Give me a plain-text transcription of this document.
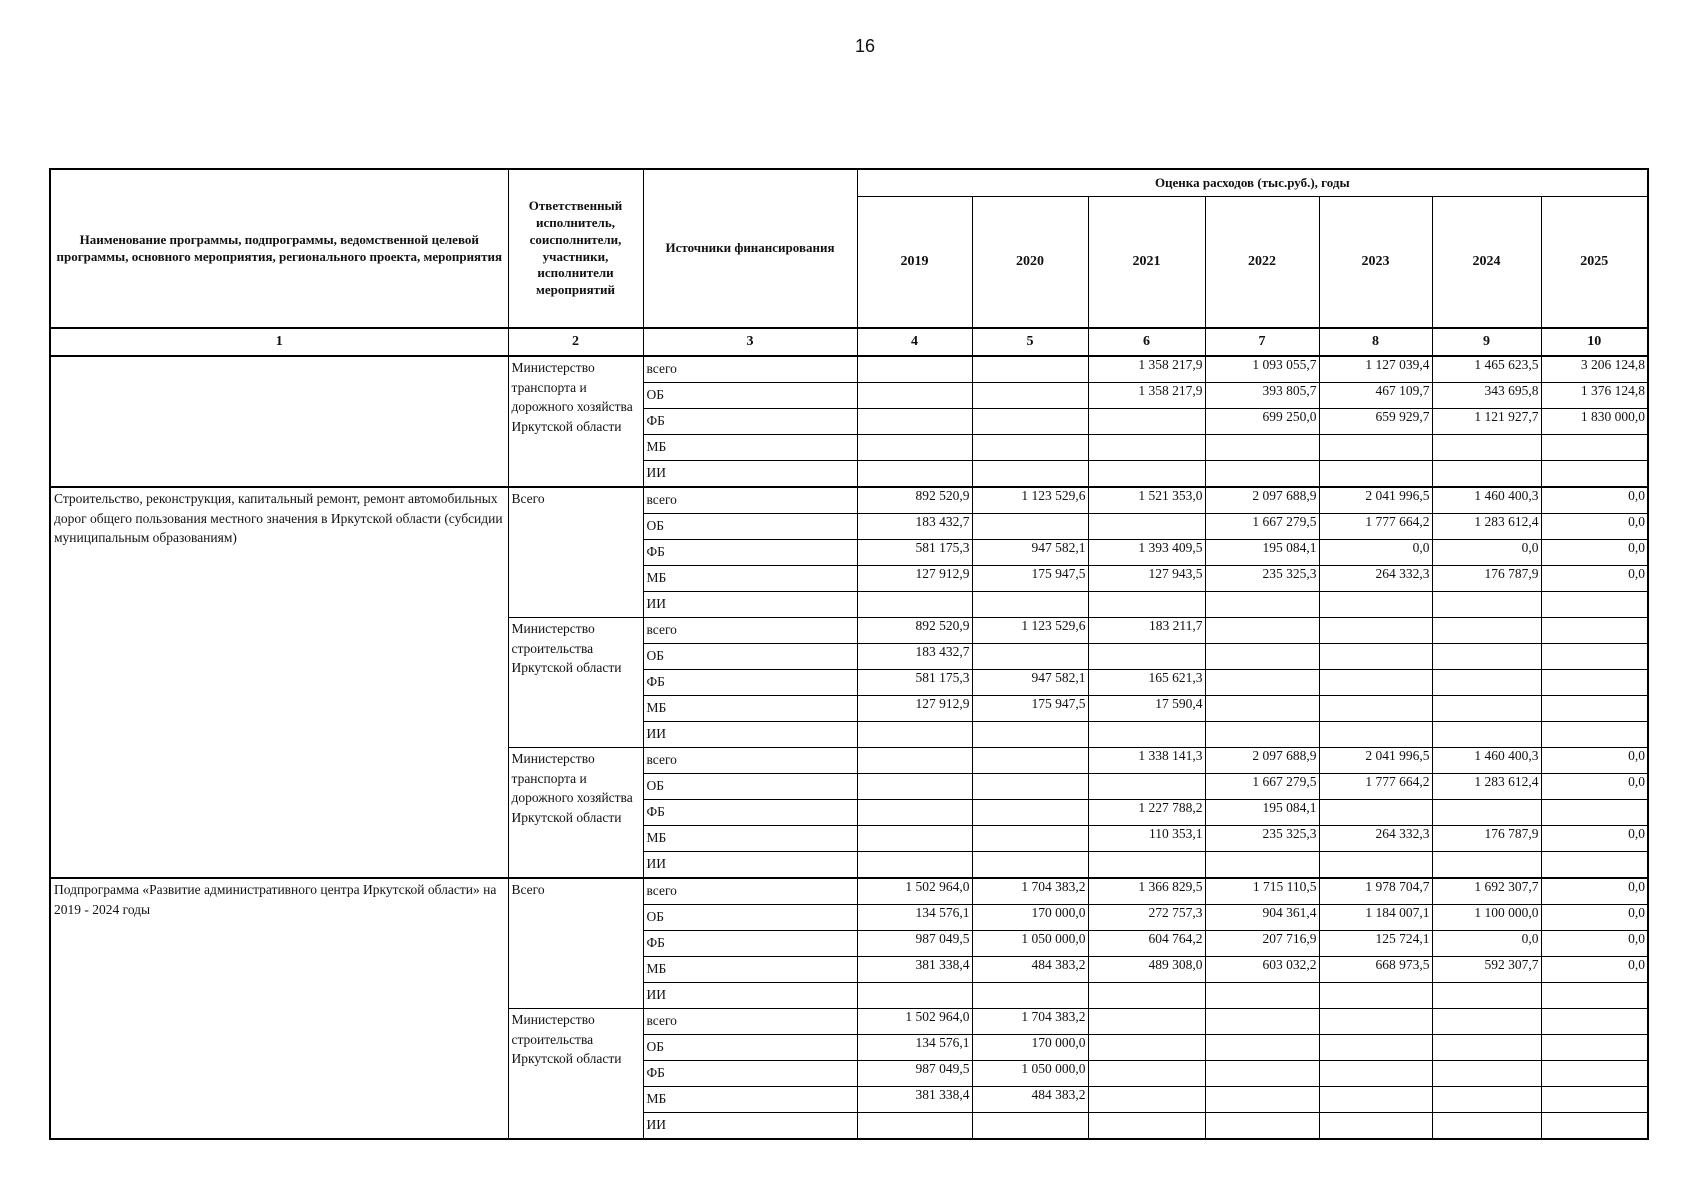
16
Наименование программы, подпрограммы, ведомственной целевой программы, основного мероприятия, регионального проекта, мероприятия	Ответственный исполнитель, соисполнители, участники, исполнители мероприятий	Источники финансирования	Оценка расходов (тыс.руб.), годы						
			2019	2020	2021	2022	2023	2024	2025
1	2	3	4	5	6	7	8	9	10
	Министерство транспорта и дорожного хозяйства Иркутской области	всего			1 358 217,9	1 093 055,7	1 127 039,4	1 465 623,5	3 206 124,8
		ОБ			1 358 217,9	393 805,7	467 109,7	343 695,8	1 376 124,8
		ФБ				699 250,0	659 929,7	1 121 927,7	1 830 000,0
		МБ							
		ИИ							
Строительство, реконструкция, капитальный ремонт, ремонт автомобильных дорог общего пользования местного значения в Иркутской области (субсидии муниципальным образованиям)	Всего	всего	892 520,9	1 123 529,6	1 521 353,0	2 097 688,9	2 041 996,5	1 460 400,3	0,0
		ОБ	183 432,7			1 667 279,5	1 777 664,2	1 283 612,4	0,0
		ФБ	581 175,3	947 582,1	1 393 409,5	195 084,1	0,0	0,0	0,0
		МБ	127 912,9	175 947,5	127 943,5	235 325,3	264 332,3	176 787,9	0,0
		ИИ							
	Министерство строительства Иркутской области	всего	892 520,9	1 123 529,6	183 211,7				
		ОБ	183 432,7						
		ФБ	581 175,3	947 582,1	165 621,3				
		МБ	127 912,9	175 947,5	17 590,4				
		ИИ							
	Министерство транспорта и дорожного хозяйства Иркутской области	всего			1 338 141,3	2 097 688,9	2 041 996,5	1 460 400,3	0,0
		ОБ				1 667 279,5	1 777 664,2	1 283 612,4	0,0
		ФБ			1 227 788,2	195 084,1			
		МБ			110 353,1	235 325,3	264 332,3	176 787,9	0,0
		ИИ							
Подпрограмма «Развитие административного центра Иркутской области» на 2019 - 2024 годы	Всего	всего	1 502 964,0	1 704 383,2	1 366 829,5	1 715 110,5	1 978 704,7	1 692 307,7	0,0
		ОБ	134 576,1	170 000,0	272 757,3	904 361,4	1 184 007,1	1 100 000,0	0,0
		ФБ	987 049,5	1 050 000,0	604 764,2	207 716,9	125 724,1	0,0	0,0
		МБ	381 338,4	484 383,2	489 308,0	603 032,2	668 973,5	592 307,7	0,0
		ИИ							
	Министерство строительства Иркутской области	всего	1 502 964,0	1 704 383,2					
		ОБ	134 576,1	170 000,0					
		ФБ	987 049,5	1 050 000,0					
		МБ	381 338,4	484 383,2					
		ИИ							
